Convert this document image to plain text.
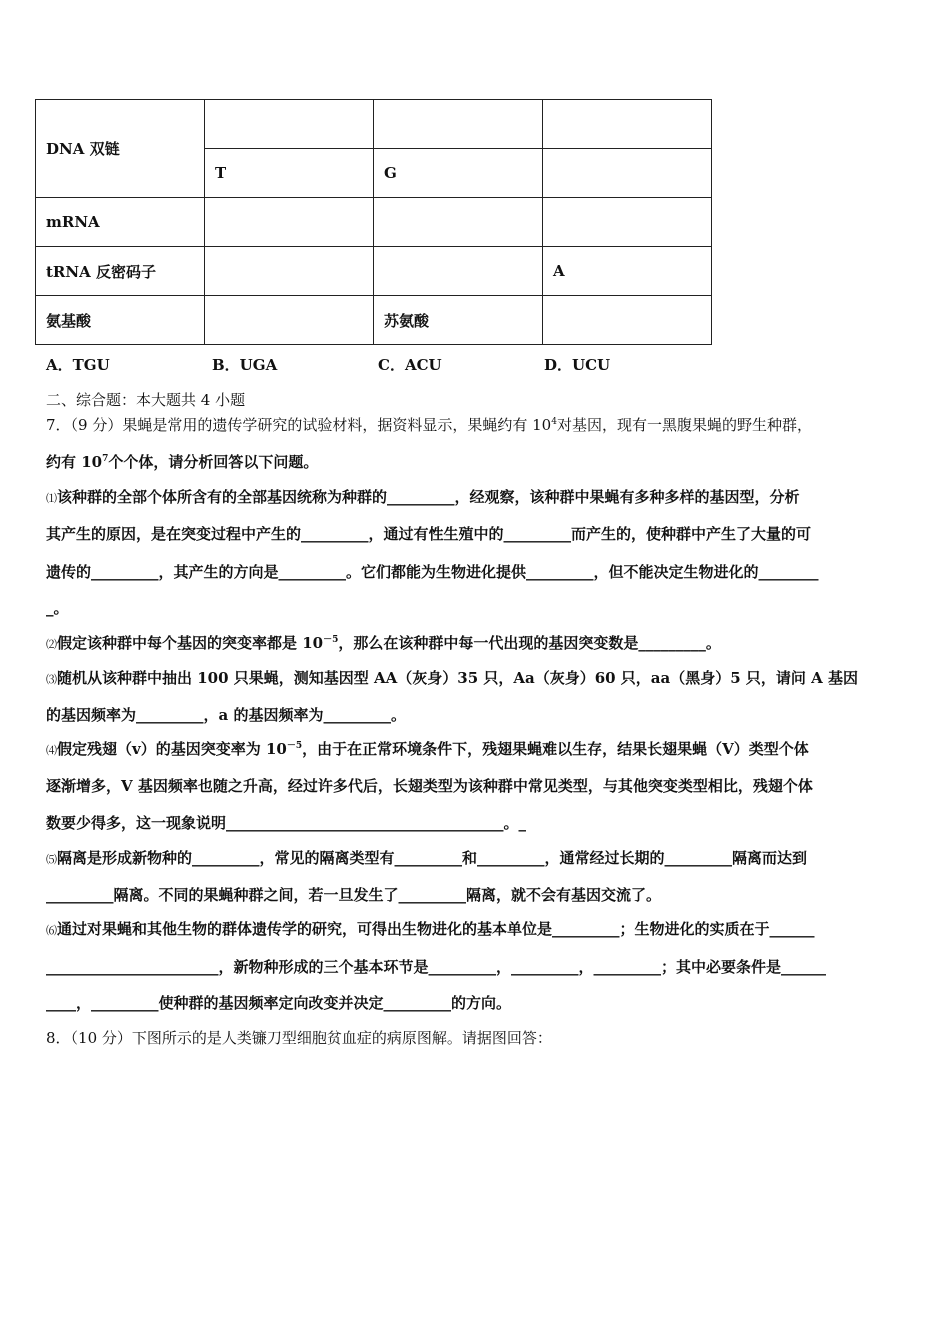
DNA 双链			
	T	G	
mRNA			
tRNA 反密码子			A
氨基酸		苏氨酸	
A．TGU	B．UGA	C．ACU	D．UCU
二、综合题：本大题共 4 小题
7．（9 分）果蝇是常用的遗传学研究的试验材料，据资料显示，果蝇约有 $10^4$对基因，现有一黑腹果蝇的野生种群，
约有 $10^7$个个体，请分析回答以下问题。
⑴该种群的全部个体所含有的全部基因统称为种群的_________，经观察，该种群中果蝇有多种多样的基因型，分析
其产生的原因，是在突变过程中产生的_________，通过有性生殖中的_________而产生的，使种群中产生了大量的可
遗传的_________，其产生的方向是_________。它们都能为生物进化提供_________，但不能决定生物进化的________
_。
⑵假定该种群中每个基因的突变率都是 $10^{-5}$，那么在该种群中每一代出现的基因突变数是_________。
⑶随机从该种群中抽出 100 只果蝇，测知基因型 AA（灰身）35 只，Aa（灰身）60 只，aa（黑身）5 只，请问 A 基因
的基因频率为_________，a 的基因频率为_________。
⑷假定残翅（v）的基因突变率为 $10^{-5}$，由于在正常环境条件下，残翅果蝇难以生存，结果长翅果蝇（V）类型个体
逐渐增多，V 基因频率也随之升高，经过许多代后，长翅类型为该种群中常见类型，与其他突变类型相比，残翅个体
数要少得多，这一现象说明_____________________________________。_
⑸隔离是形成新物种的_________，常见的隔离类型有_________和_________，通常经过长期的_________隔离而达到
_________隔离。不同的果蝇种群之间，若一旦发生了_________隔离，就不会有基因交流了。
⑹通过对果蝇和其他生物的群体遗传学的研究，可得出生物进化的基本单位是_________；生物进化的实质在于______
_______________________，新物种形成的三个基本环节是_________，_________，_________；其中必要条件是______
____，_________使种群的基因频率定向改变并决定_________的方向。
8．（10 分）下图所示的是人类镰刀型细胞贫血症的病原图解。请据图回答：
